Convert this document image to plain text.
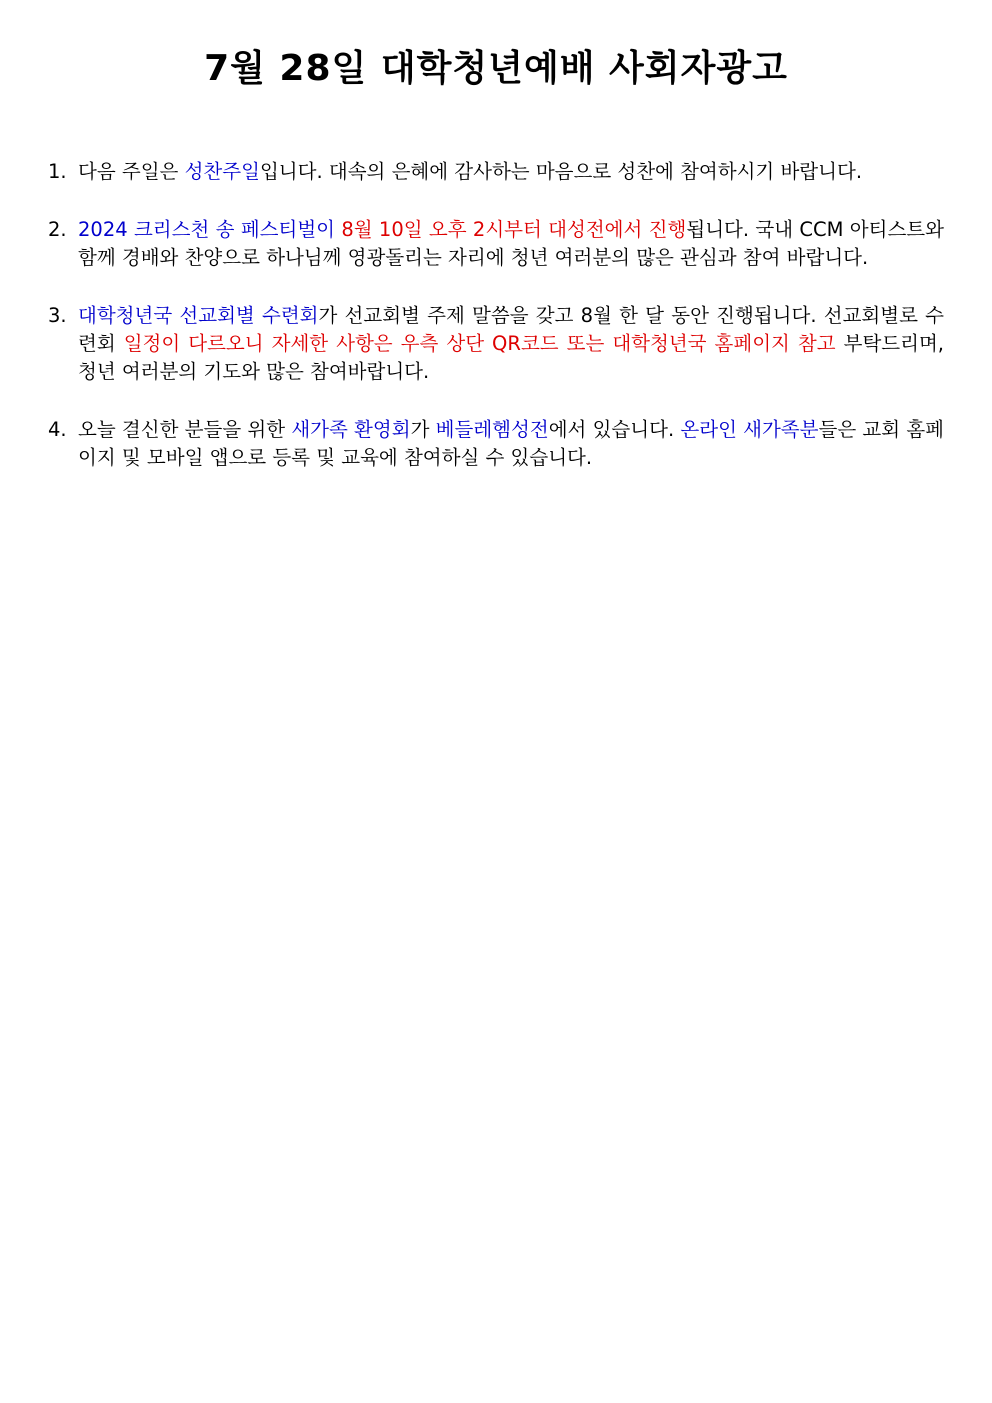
7월 28일 대학청년예배 사회자광고
1. 다음 주일은 성찬주일입니다. 대속의 은혜에 감사하는 마음으로 성찬에 참여하시기 바랍니다.
2. 2024 크리스천 송 페스티벌이 8월 10일 오후 2시부터 대성전에서 진행됩니다. 국내 CCM 아티스트와 함께 경배와 찬양으로 하나님께 영광돌리는 자리에 청년 여러분의 많은 관심과 참여 바랍니다.
3. 대학청년국 선교회별 수련회가 선교회별 주제 말씀을 갖고 8월 한 달 동안 진행됩니다. 선교회별로 수련회 일정이 다르오니 자세한 사항은 우측 상단 QR코드 또는 대학청년국 홈페이지 참고 부탁드리며, 청년 여러분의 기도와 많은 참여바랍니다.
4. 오늘 결신한 분들을 위한 새가족 환영회가 베들레헴성전에서 있습니다. 온라인 새가족분들은 교회 홈페이지 및 모바일 앱으로 등록 및 교육에 참여하실 수 있습니다.
